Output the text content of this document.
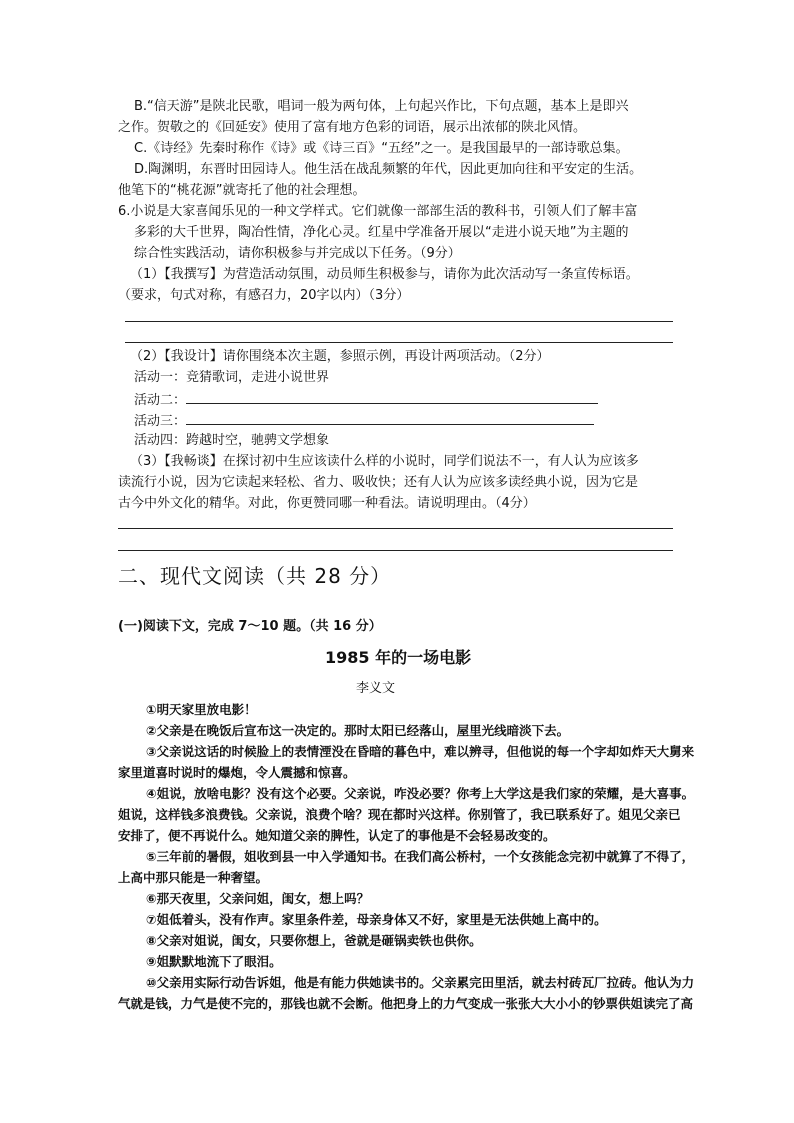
B.“信天游”是陕北民歌，唱词一般为两句体，上句起兴作比，下句点题，基本上是即兴
之作。贺敬之的《回延安》使用了富有地方色彩的词语，展示出浓郁的陕北风情。
C.《诗经》先秦时称作《诗》或《诗三百》“五经”之一。是我国最早的一部诗歌总集。
D.陶渊明，东晋时田园诗人。他生活在战乱频繁的年代，因此更加向往和平安定的生活。
他笔下的“桃花源”就寄托了他的社会理想。
6.小说是大家喜闻乐见的一种文学样式。它们就像一部部生活的教科书，引领人们了解丰富
多彩的大千世界，陶冶性情，净化心灵。红星中学准备开展以“走进小说天地”为主题的
综合性实践活动，请你积极参与并完成以下任务。（9分）
（1）【我撰写】为营造活动氛围，动员师生积极参与，请你为此次活动写一条宣传标语。
（要求，句式对称，有感召力，20字以内）（3分）
（2）【我设计】请你围绕本次主题，参照示例，再设计两项活动。（2分）
活动一：竞猜歌词，走进小说世界
活动二：
活动三：
活动四：跨越时空，驰骋文学想象
（3）【我畅谈】在探讨初中生应该读什么样的小说时，同学们说法不一，有人认为应该多
读流行小说，因为它读起来轻松、省力、吸收快；还有人认为应该多读经典小说，因为它是
古今中外文化的精华。对此，你更赞同哪一种看法。请说明理由。（4分）
二、现代文阅读（共 28 分）
(一)阅读下文，完成 7～10 题。（共 16 分）
1985 年的一场电影
李义文
①明天家里放电影！
②父亲是在晚饭后宣布这一决定的。那时太阳已经落山，屋里光线暗淡下去。
③父亲说这话的时候脸上的表情湮没在昏暗的暮色中，难以辨寻，但他说的每一个字却如炸天大舅来
家里道喜时说时的爆炮，令人震撼和惊喜。
④姐说，放啥电影？没有这个必要。父亲说，咋没必要？你考上大学这是我们家的荣耀，是大喜事。
姐说，这样钱多浪费钱。父亲说，浪费个啥？现在都时兴这样。你别管了，我已联系好了。姐见父亲已
安排了，便不再说什么。她知道父亲的脾性，认定了的事他是不会轻易改变的。
⑤三年前的暑假，姐收到县一中入学通知书。在我们高公桥村，一个女孩能念完初中就算了不得了，
上高中那只能是一种奢望。
⑥那天夜里，父亲问姐，闺女，想上吗？
⑦姐低着头，没有作声。家里条件差，母亲身体又不好，家里是无法供她上高中的。
⑧父亲对姐说，闺女，只要你想上，爸就是砸锅卖铁也供你。
⑨姐默默地流下了眼泪。
⑩父亲用实际行动告诉姐，他是有能力供她读书的。父亲累完田里活，就去村砖瓦厂拉砖。他认为力
气就是钱，力气是使不完的，那钱也就不会断。他把身上的力气变成一张张大大小小的钞票供姐读完了高
